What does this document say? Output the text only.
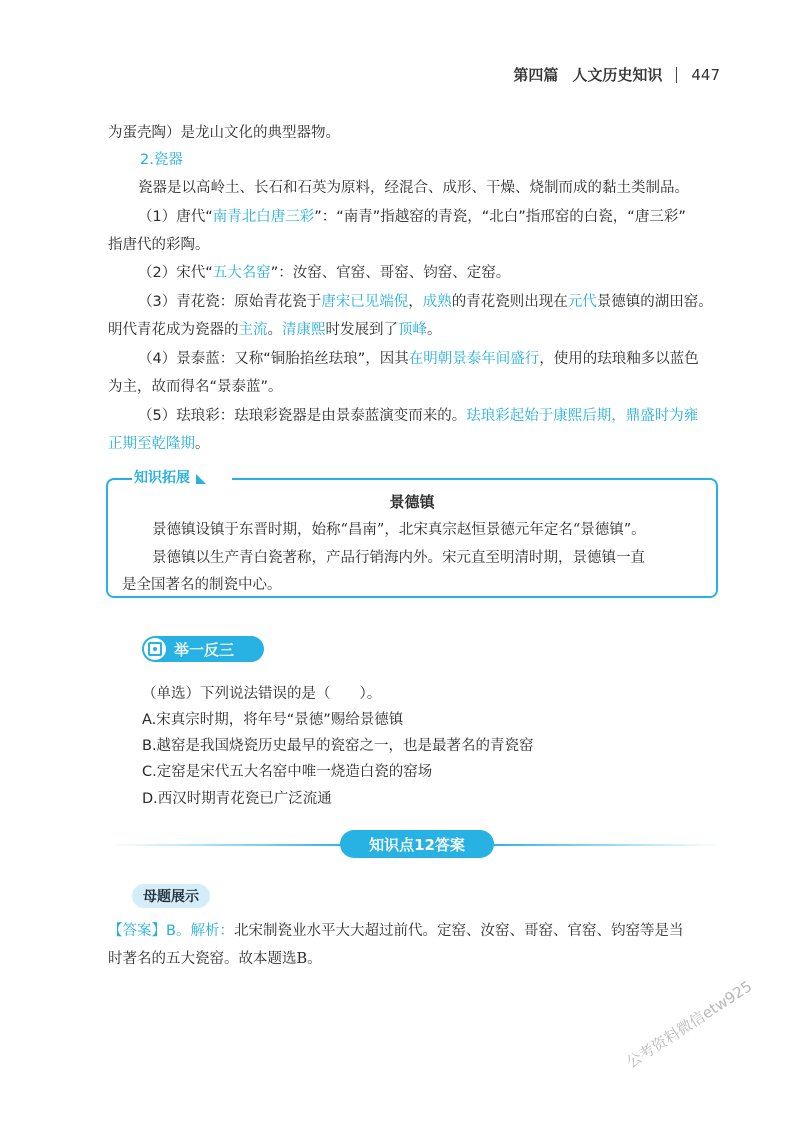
第四篇 人文历史知识 447
为蛋壳陶）是龙山文化的典型器物。
2.瓷器
瓷器是以高岭土、长石和石英为原料，经混合、成形、干燥、烧制而成的黏土类制品。
（1）唐代“南青北白唐三彩”：“南青”指越窑的青瓷，“北白”指邢窑的白瓷，“唐三彩”
指唐代的彩陶。
（2）宋代“五大名窑”：汝窑、官窑、哥窑、钧窑、定窑。
（3）青花瓷：原始青花瓷于唐宋已见端倪，成熟的青花瓷则出现在元代景德镇的湖田窑。
明代青花成为瓷器的主流。清康熙时发展到了顶峰。
（4）景泰蓝：又称“铜胎掐丝珐琅”，因其在明朝景泰年间盛行，使用的珐琅釉多以蓝色
为主，故而得名“景泰蓝”。
（5）珐琅彩：珐琅彩瓷器是由景泰蓝演变而来的。珐琅彩起始于康熙后期，鼎盛时为雍
正期至乾隆期。
知识拓展
景德镇
景德镇设镇于东晋时期，始称“昌南”，北宋真宗赵恒景德元年定名“景德镇”。
景德镇以生产青白瓷著称，产品行销海内外。宋元直至明清时期，景德镇一直
是全国著名的制瓷中心。
举一反三
（单选）下列说法错误的是（　　）。
A.宋真宗时期，将年号“景德”赐给景德镇
B.越窑是我国烧瓷历史最早的瓷窑之一，也是最著名的青瓷窑
C.定窑是宋代五大名窑中唯一烧造白瓷的窑场
D.西汉时期青花瓷已广泛流通
知识点12答案
母题展示
【答案】B。解析：北宋制瓷业水平大大超过前代。定窑、汝窑、哥窑、官窑、钧窑等是当
时著名的五大瓷窑。故本题选B。
公考资料微信etw925
